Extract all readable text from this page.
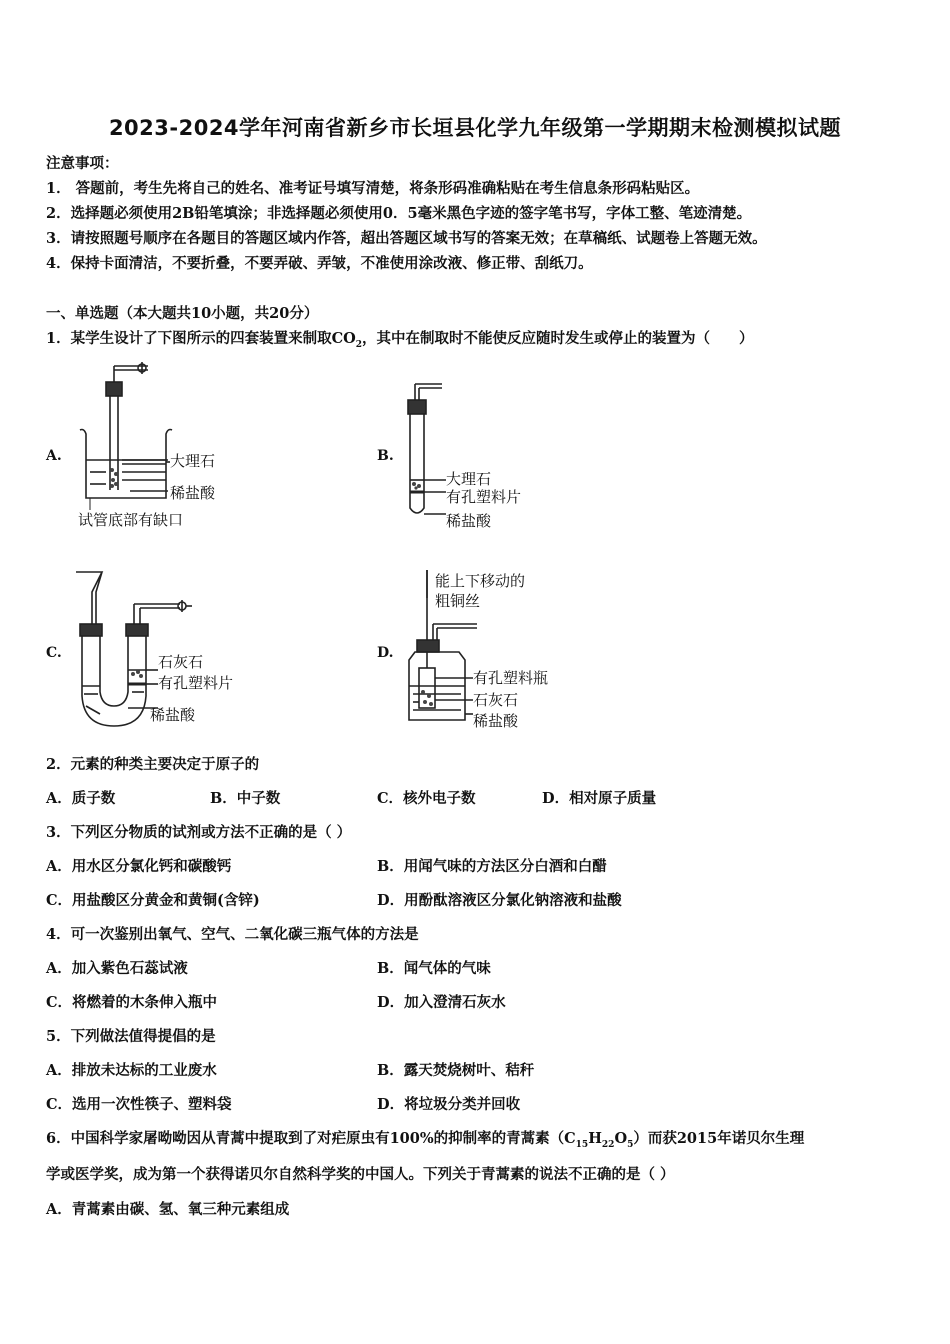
2023-2024学年河南省新乡市长垣县化学九年级第一学期期末检测模拟试题
注意事项：
1． 答题前，考生先将自己的姓名、准考证号填写清楚，将条形码准确粘贴在考生信息条形码粘贴区。
2．选择题必须使用2B铅笔填涂；非选择题必须使用0．5毫米黑色字迹的签字笔书写，字体工整、笔迹清楚。
3．请按照题号顺序在各题目的答题区域内作答，超出答题区域书写的答案无效；在草稿纸、试题卷上答题无效。
4．保持卡面清洁，不要折叠，不要弄破、弄皱，不准使用涂改液、修正带、刮纸刀。
一、单选题（本大题共10小题，共20分）
1．某学生设计了下图所示的四套装置来制取$CO_2$，其中在制取时不能使反应随时发生或停止的装置为（　　）
A.	B.
C.	D.
大理石
稀盐酸
试管底部有缺口
大理石
有孔塑料片
稀盐酸
石灰石
有孔塑料片
稀盐酸
能上下移动的
粗铜丝
有孔塑料瓶
石灰石
稀盐酸
2．元素的种类主要决定于原子的
A．质子数	B．中子数	C．核外电子数	D．相对原子质量
3．下列区分物质的试剂或方法不正确的是（ ）
A．用水区分氯化钙和碳酸钙	B．用闻气味的方法区分白酒和白醋
C．用盐酸区分黄金和黄铜(含锌)	D．用酚酞溶液区分氯化钠溶液和盐酸
4．可一次鉴别出氧气、空气、二氧化碳三瓶气体的方法是
A．加入紫色石蕊试液	B．闻气体的气味
C．将燃着的木条伸入瓶中	D．加入澄清石灰水
5．下列做法值得提倡的是
A．排放未达标的工业废水	B．露天焚烧树叶、秸秆
C．选用一次性筷子、塑料袋	D．将垃圾分类并回收
6．中国科学家屠呦呦因从青蒿中提取到了对疟原虫有100%的抑制率的青蒿素$(C_{15}H_{22}O_5)$而获2015年诺贝尔生理
学或医学奖，成为第一个获得诺贝尔自然科学奖的中国人。下列关于青蒿素的说法不正确的是（ ）
A．青蒿素由碳、氢、氧三种元素组成
